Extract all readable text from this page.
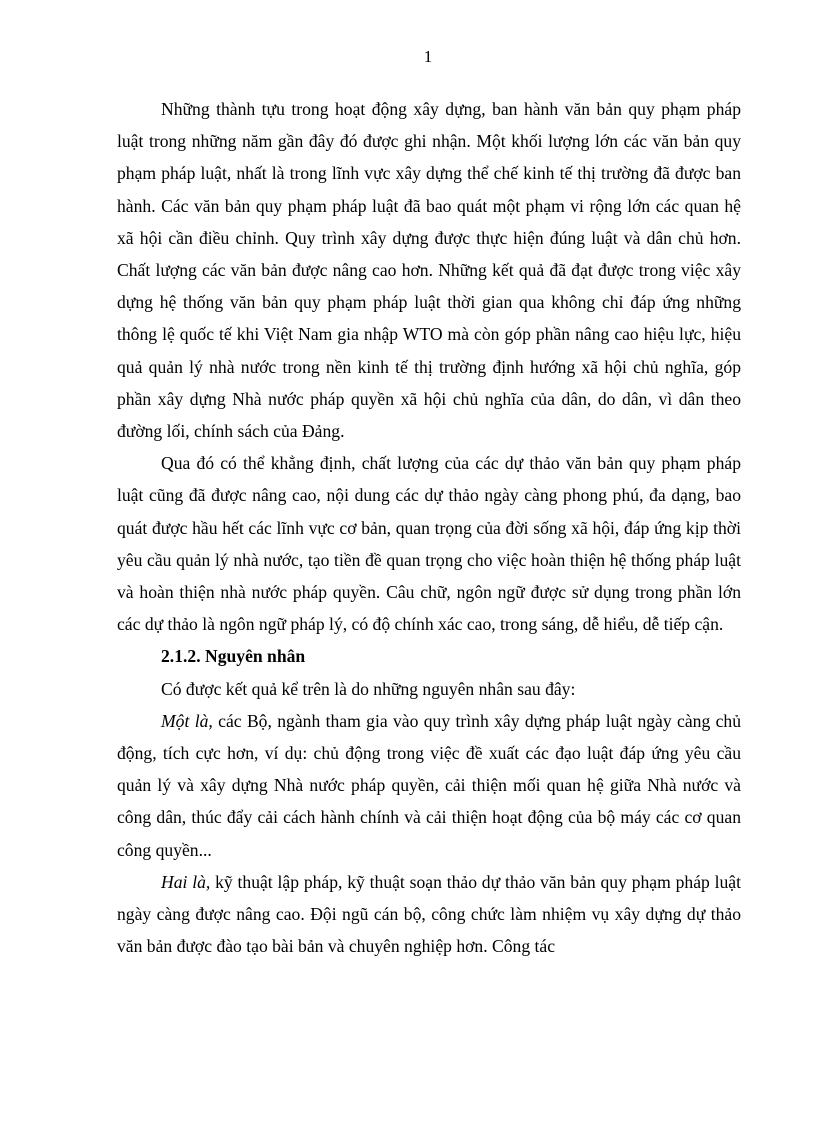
1

Những thành tựu trong hoạt động xây dựng, ban hành văn bản quy phạm pháp luật trong những năm gần đây đó được ghi nhận. Một khối lượng lớn các văn bản quy phạm pháp luật, nhất là trong lĩnh vực xây dựng thể chế kinh tế thị trường đã được ban hành. Các văn bản quy phạm pháp luật đã bao quát một phạm vi rộng lớn các quan hệ xã hội cần điều chỉnh. Quy trình xây dựng được thực hiện đúng luật và dân chủ hơn. Chất lượng các văn bản được nâng cao hơn. Những kết quả đã đạt được trong việc xây dựng hệ thống văn bản quy phạm pháp luật thời gian qua không chỉ đáp ứng những thông lệ quốc tế khi Việt Nam gia nhập WTO mà còn góp phần nâng cao hiệu lực, hiệu quả quản lý nhà nước trong nền kinh tế thị trường định hướng xã hội chủ nghĩa, góp phần xây dựng Nhà nước pháp quyền xã hội chủ nghĩa của dân, do dân, vì dân theo đường lối, chính sách của Đảng.

Qua đó có thể khẳng định, chất lượng của các dự thảo văn bản quy phạm pháp luật cũng đã được nâng cao, nội dung các dự thảo ngày càng phong phú, đa dạng, bao quát được hầu hết các lĩnh vực cơ bản, quan trọng của đời sống xã hội, đáp ứng kịp thời yêu cầu quản lý nhà nước, tạo tiền đề quan trọng cho việc hoàn thiện hệ thống pháp luật và hoàn thiện nhà nước pháp quyền. Câu chữ, ngôn ngữ được sử dụng trong phần lớn các dự thảo là ngôn ngữ pháp lý, có độ chính xác cao, trong sáng, dễ hiểu, dễ tiếp cận.

2.1.2. Nguyên nhân

Có được kết quả kể trên là do những nguyên nhân sau đây:

Một là, các Bộ, ngành tham gia vào quy trình xây dựng pháp luật ngày càng chủ động, tích cực hơn, ví dụ: chủ động trong việc đề xuất các đạo luật đáp ứng yêu cầu quản lý và xây dựng Nhà nước pháp quyền, cải thiện mối quan hệ giữa Nhà nước và công dân, thúc đẩy cải cách hành chính và cải thiện hoạt động của bộ máy các cơ quan công quyền...

Hai là, kỹ thuật lập pháp, kỹ thuật soạn thảo dự thảo văn bản quy phạm pháp luật ngày càng được nâng cao. Đội ngũ cán bộ, công chức làm nhiệm vụ xây dựng dự thảo văn bản được đào tạo bài bản và chuyên nghiệp hơn. Công tác
